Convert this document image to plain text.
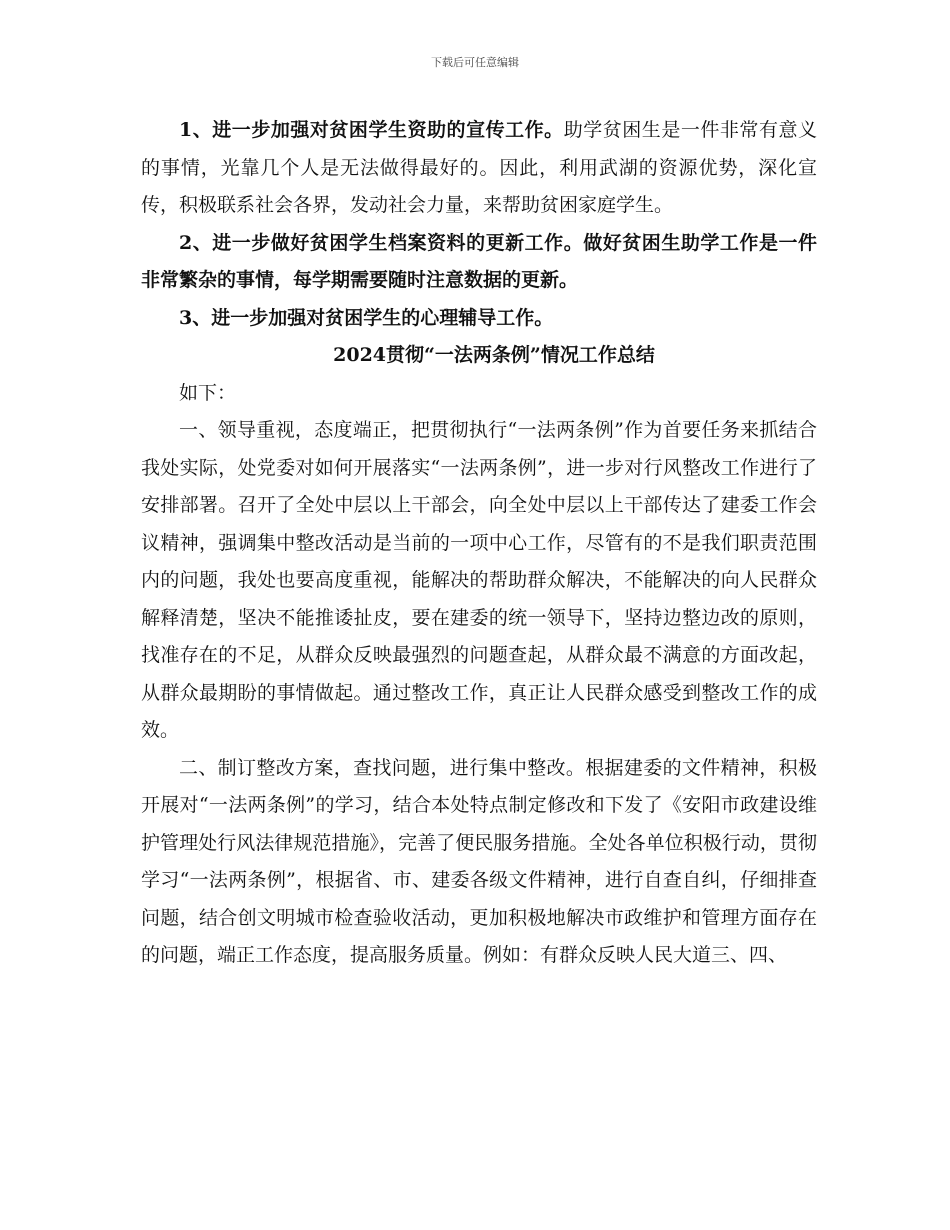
下载后可任意编辑

1、进一步加强对贫困学生资助的宣传工作。助学贫困生是一件非常有意义的事情，光靠几个人是无法做得最好的。因此，利用武湖的资源优势，深化宣传，积极联系社会各界，发动社会力量，来帮助贫困家庭学生。

2、进一步做好贫困学生档案资料的更新工作。做好贫困生助学工作是一件非常繁杂的事情，每学期需要随时注意数据的更新。

3、进一步加强对贫困学生的心理辅导工作。

2024贯彻“一法两条例”情况工作总结

如下：

一、领导重视，态度端正，把贯彻执行“一法两条例”作为首要任务来抓结合我处实际，处党委对如何开展落实“一法两条例”，进一步对行风整改工作进行了安排部署。召开了全处中层以上干部会，向全处中层以上干部传达了建委工作会议精神，强调集中整改活动是当前的一项中心工作，尽管有的不是我们职责范围内的问题，我处也要高度重视，能解决的帮助群众解决，不能解决的向人民群众解释清楚，坚决不能推诿扯皮，要在建委的统一领导下，坚持边整边改的原则，找准存在的不足，从群众反映最强烈的问题查起，从群众最不满意的方面改起，从群众最期盼的事情做起。通过整改工作，真正让人民群众感受到整改工作的成效。

二、制订整改方案，查找问题，进行集中整改。根据建委的文件精神，积极开展对“一法两条例”的学习，结合本处特点制定修改和下发了《安阳市政建设维护管理处行风法律规范措施》，完善了便民服务措施。全处各单位积极行动，贯彻学习“一法两条例”，根据省、市、建委各级文件精神，进行自查自纠，仔细排查问题，结合创文明城市检查验收活动，更加积极地解决市政维护和管理方面存在的问题，端正工作态度，提高服务质量。例如：有群众反映人民大道三、四、
